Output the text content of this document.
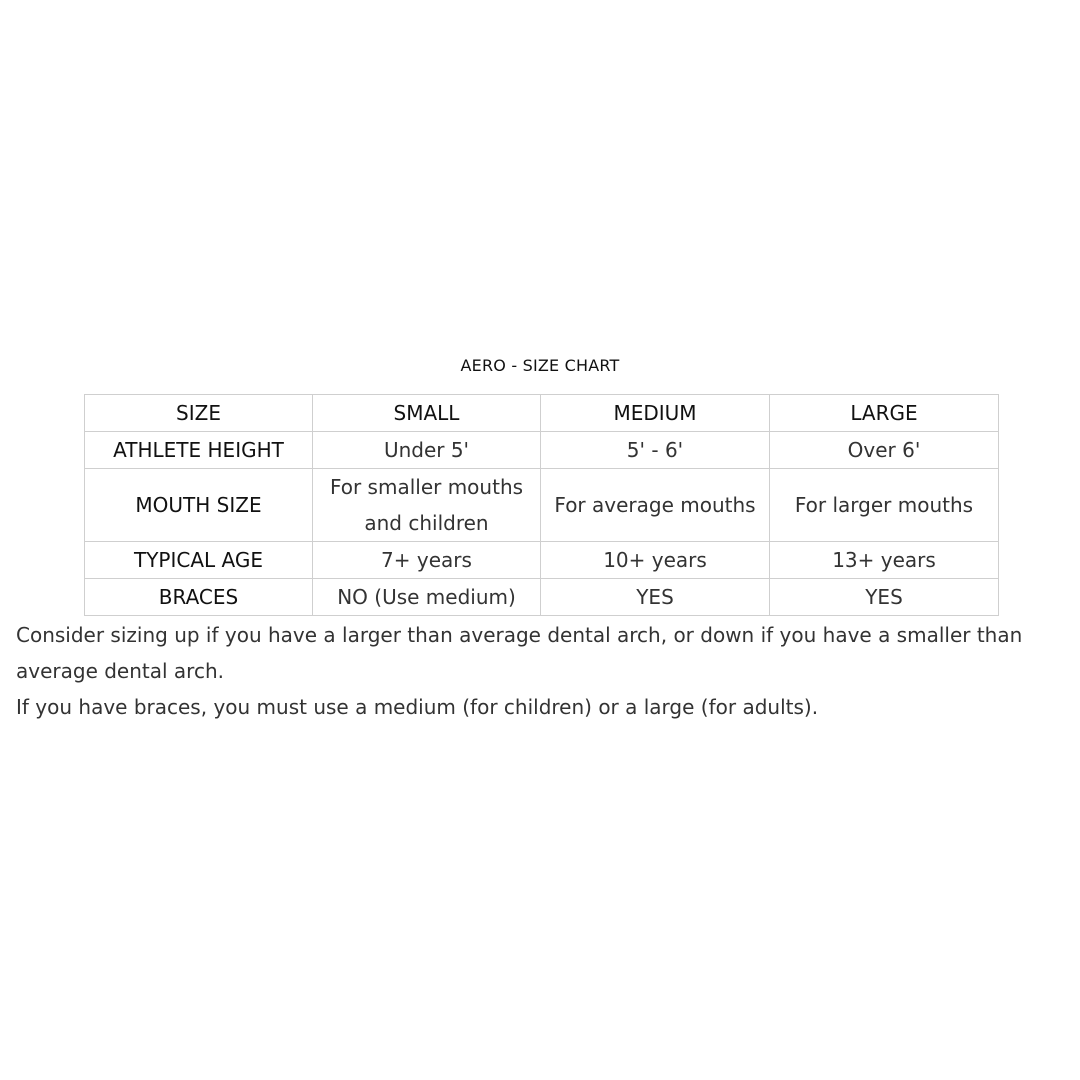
AERO - SIZE CHART
SIZE	SMALL	MEDIUM	LARGE
ATHLETE HEIGHT	Under 5'	5' - 6'	Over 6'
MOUTH SIZE	For smaller mouths and children	For average mouths	For larger mouths
TYPICAL AGE	7+ years	10+ years	13+ years
BRACES	NO (Use medium)	YES	YES

Consider sizing up if you have a larger than average dental arch, or down if you have a smaller than average dental arch.

If you have braces, you must use a medium (for children) or a large (for adults).
